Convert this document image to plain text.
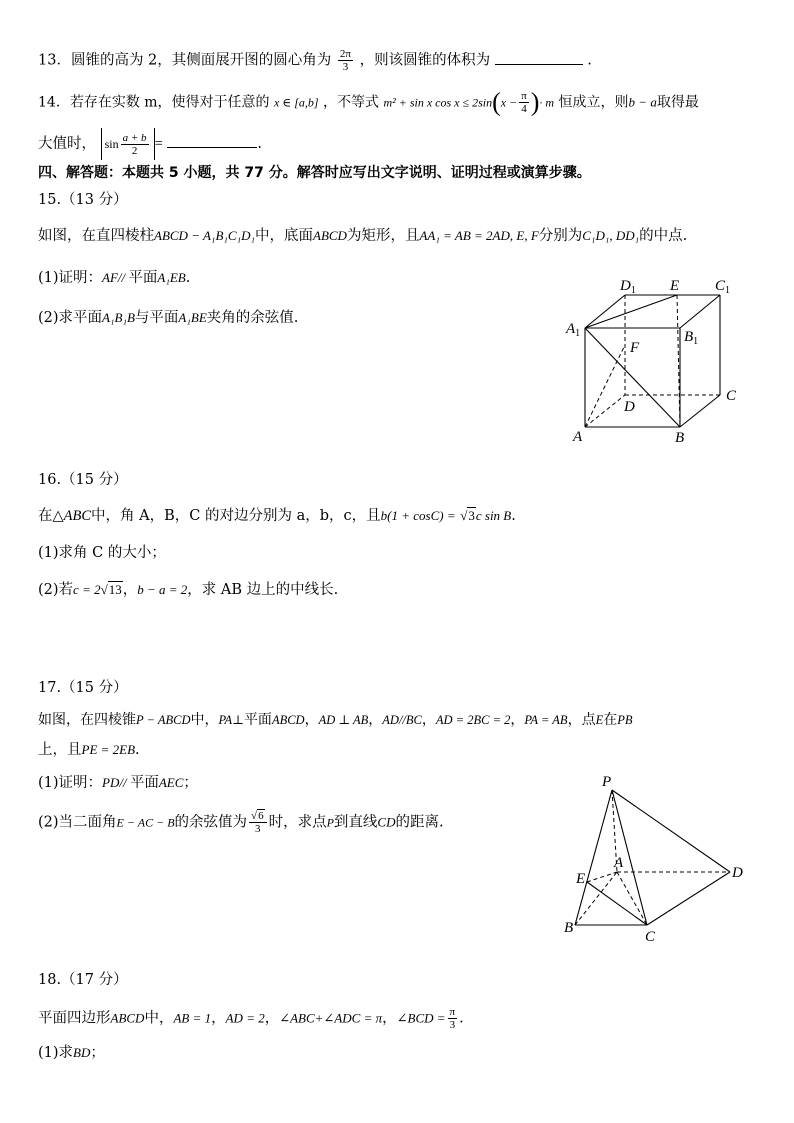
13．圆锥的高为 2，其侧面展开图的圆心角为 $\frac{2\pi}{3}$ ，则该圆锥的体积为	.
14．若存在实数 m，使得对于任意的 x ∈ [a,b] ，不等式 m² + sin x $\cos x \le 2\sin(x - \frac{\pi}{4}$ )· m 恒成立，则b − a取得最
大值时， $\sin \frac{a + b}{2}$ =	.
四、解答题：本题共 5 小题，共 77 分。解答时应写出文字说明、证明过程或演算步骤。
15.（13 分）
如图，在直四棱柱ABCD − A₁B₁C₁D₁中，底面ABCD为矩形，且AA₁ = AB = 2AD, E, F分别为C₁D₁, DD₁的中点.
(1)证明：AF// 平面A₁EB.
(2)求平面A₁B₁B与平面A₁BE夹角的余弦值.
$D_1$ E $C_1$
$A_1$	$B_1$
F
D
C
A	B
16.（15 分）
在△ABC中，角 A，B，C 的对边分别为 a，b，c，且b(1 + cosC) = √3c sin B.
(1)求角 C 的大小；
(2)若c = 2√13，b − a = 2，求 AB 边上的中线长.
17.（15 分）
如图，在四棱锥P − ABCD中，PA⊥平面ABCD，AD ⊥ AB，AD//BC，AD = 2BC = 2，PA = AB，点E在PB
上，且PE = 2EB.
(1)证明：PD// 平面AEC；
(2)当二面角E − AC − B的余弦值为 $\frac{√6}{3}$ 时，求点P到直线CD的距离.
P
A
E	D
B
C
18.（17 分）
平面四边形ABCD中，AB = 1，AD = 2，∠ABC+∠ADC = π，∠BCD = $\frac{\pi}{3}$ .
(1)求BD；
